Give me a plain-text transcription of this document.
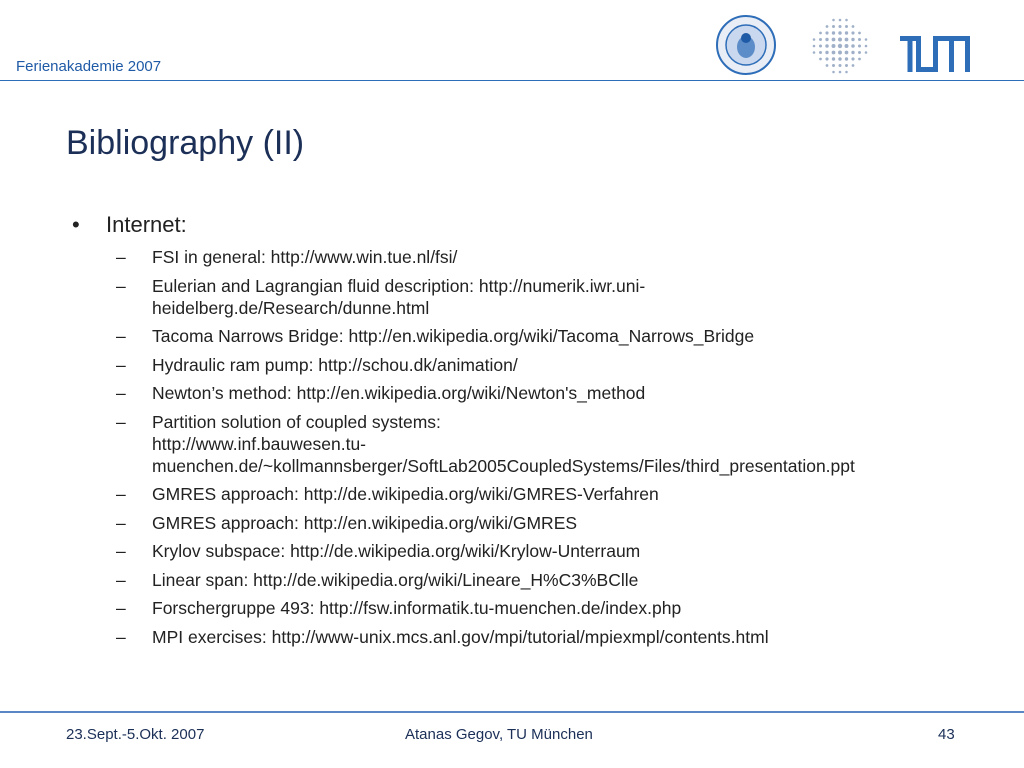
Ferienakademie 2007
Bibliography (II)
•	Internet:
–	FSI in general: http://www.win.tue.nl/fsi/
–	Eulerian and Lagrangian fluid description: http://numerik.iwr.uni-
heidelberg.de/Research/dunne.html
–	Tacoma Narrows Bridge: http://en.wikipedia.org/wiki/Tacoma_Narrows_Bridge
–	Hydraulic ram pump: http://schou.dk/animation/
–	Newton’s method: http://en.wikipedia.org/wiki/Newton's_method
–	Partition solution of coupled systems:
http://www.inf.bauwesen.tu-
muenchen.de/~kollmannsberger/SoftLab2005CoupledSystems/Files/third_presentation.ppt
–	GMRES approach: http://de.wikipedia.org/wiki/GMRES-Verfahren
–	GMRES approach: http://en.wikipedia.org/wiki/GMRES
–	Krylov subspace: http://de.wikipedia.org/wiki/Krylow-Unterraum
–	Linear span: http://de.wikipedia.org/wiki/Lineare_H%C3%BClle
–	Forschergruppe 493: http://fsw.informatik.tu-muenchen.de/index.php
–	MPI exercises: http://www-unix.mcs.anl.gov/mpi/tutorial/mpiexmpl/contents.html
23.Sept.-5.Okt. 2007	Atanas Gegov, TU München	43
